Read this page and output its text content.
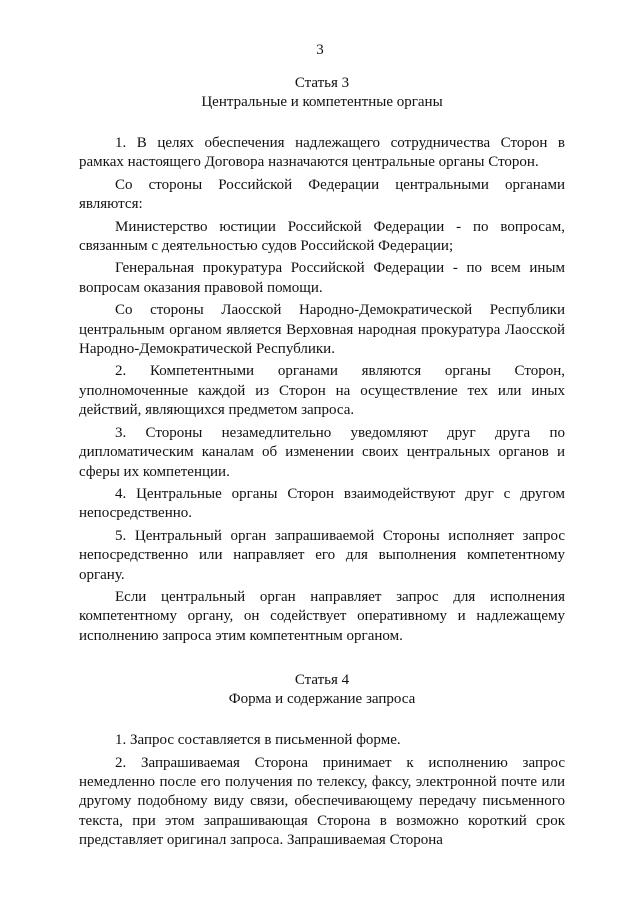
3
Статья 3
Центральные и компетентные органы

1. В целях обеспечения надлежащего сотрудничества Сторон в рамках настоящего Договора назначаются центральные органы Сторон.

Со стороны Российской Федерации центральными органами являются:

Министерство юстиции Российской Федерации - по вопросам, связанным с деятельностью судов Российской Федерации;

Генеральная прокуратура Российской Федерации - по всем иным вопросам оказания правовой помощи.

Со стороны Лаосской Народно-Демократической Республики центральным органом является Верховная народная прокуратура Лаосской Народно-Демократической Республики.

2. Компетентными органами являются органы Сторон, уполномоченные каждой из Сторон на осуществление тех или иных действий, являющихся предметом запроса.

3. Стороны незамедлительно уведомляют друг друга по дипломатическим каналам об изменении своих центральных органов и сферы их компетенции.

4. Центральные органы Сторон взаимодействуют друг с другом непосредственно.

5. Центральный орган запрашиваемой Стороны исполняет запрос непосредственно или направляет его для выполнения компетентному органу.

Если центральный орган направляет запрос для исполнения компетентному органу, он содействует оперативному и надлежащему исполнению запроса этим компетентным органом.

Статья 4
Форма и содержание запроса

1. Запрос составляется в письменной форме.

2. Запрашиваемая Сторона принимает к исполнению запрос немедленно после его получения по телексу, факсу, электронной почте или другому подобному виду связи, обеспечивающему передачу письменного текста, при этом запрашивающая Сторона в возможно короткий срок представляет оригинал запроса. Запрашиваемая Сторона
